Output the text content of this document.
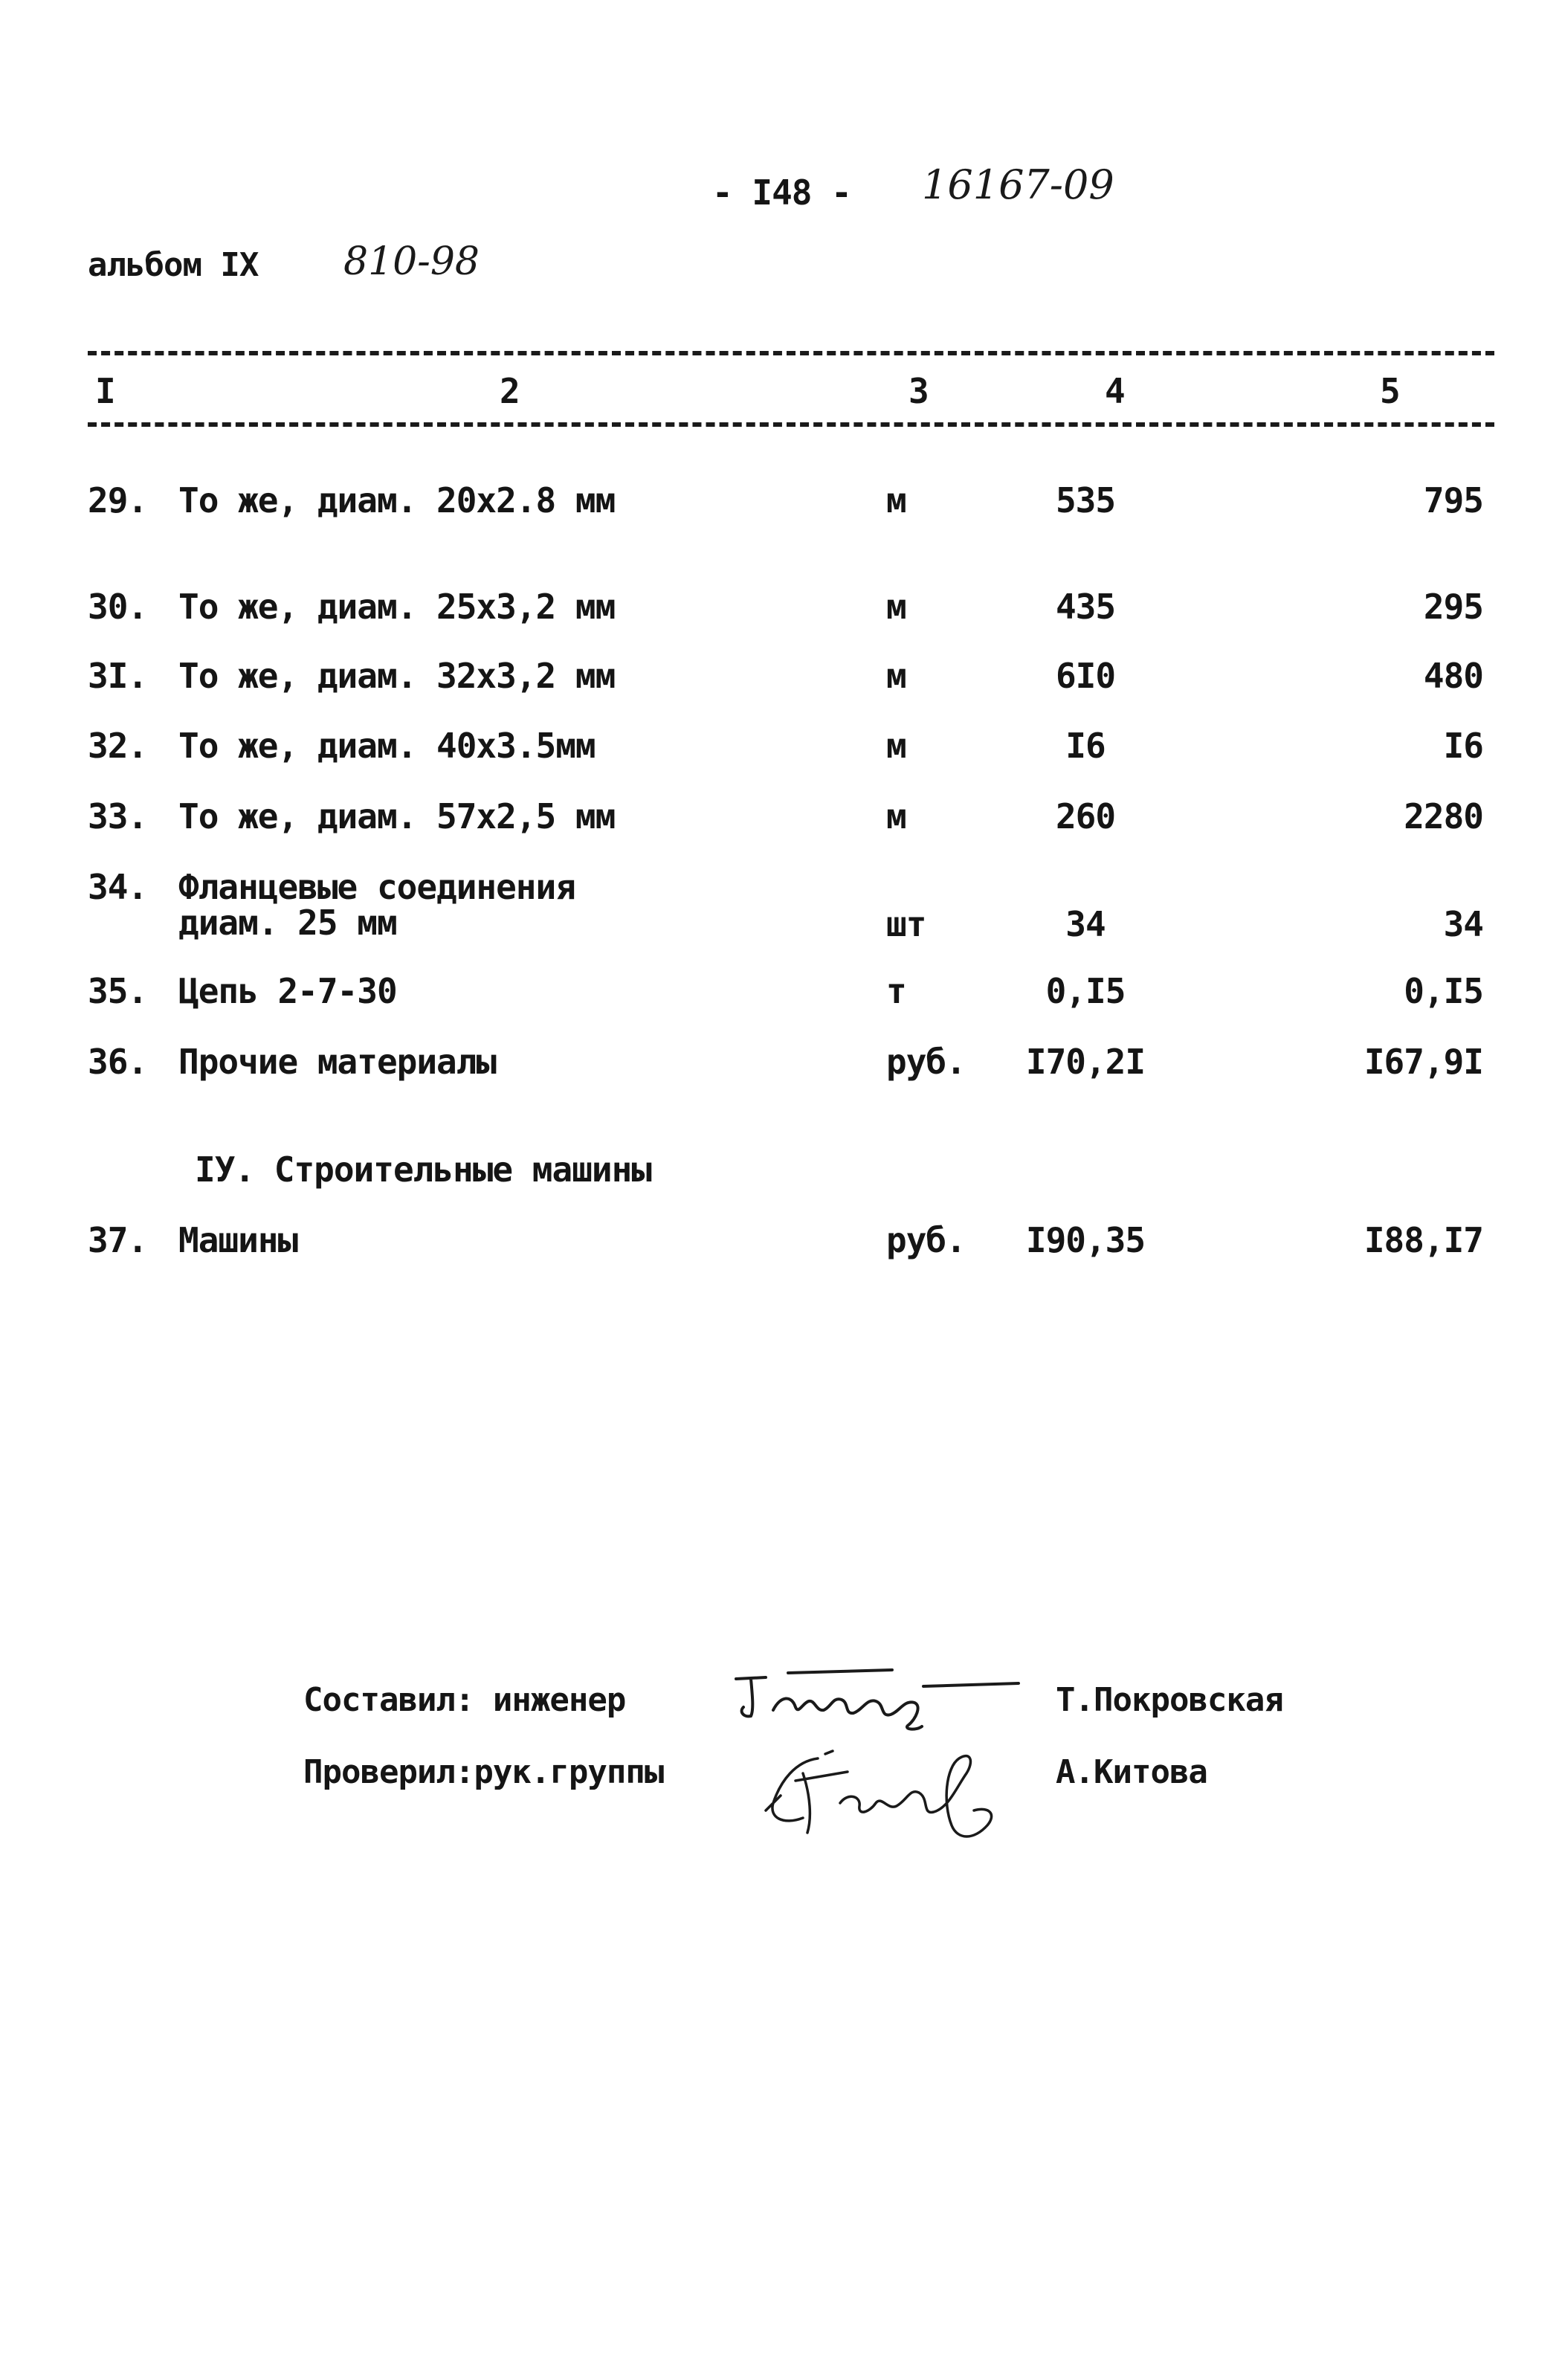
- I48 - 16167-09
альбом IX 810-98
I	2	3	4	5
29. То же, диам. 20x2.8 мм	м	535	795
30. То же, диам. 25x3,2 мм	м	435	295
3I. То же, диам. 32x3,2 мм	м	6I0	480
32. То же, диам. 40x3.5мм	м	I6	I6
33. То же, диам. 57x2,5 мм	м	260	2280
34. Фланцевые соединения
диам. 25 мм	шт	34	34
35. Цепь 2-7-30	т	0,I5	0,I5
36. Прочие материалы	руб.	I70,2I	I67,9I
IУ. Строительные машины
37. Машины	руб.	I90,35	I88,I7
Составил: инженер	Т.Покровская
Проверил:рук.группы	А.Китова
